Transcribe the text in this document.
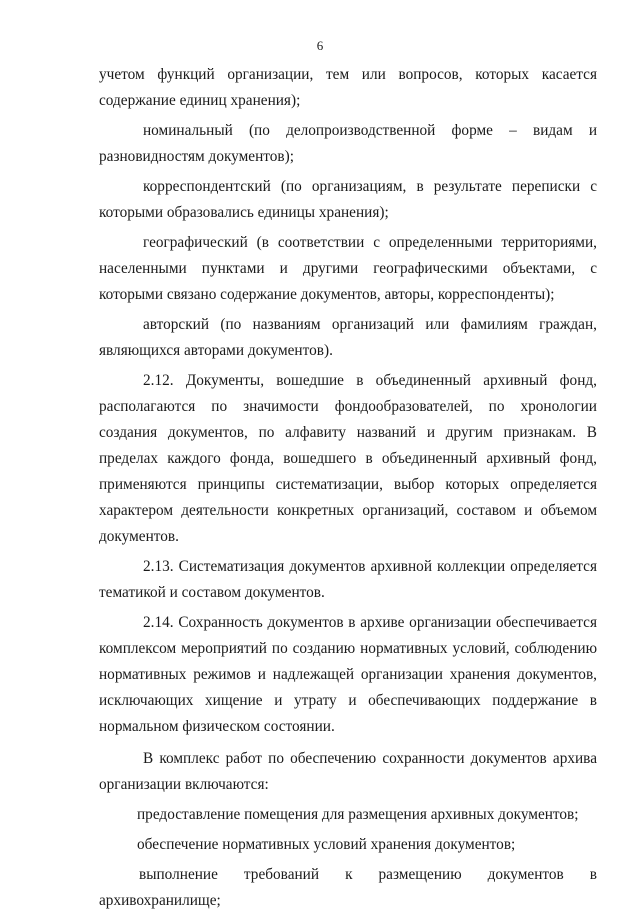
6

учетом функций организации, тем или вопросов, которых касается содержание единиц хранения);

номинальный (по делопроизводственной форме – видам и разновидностям документов);

корреспондентский (по организациям, в результате переписки с которыми образовались единицы хранения);

географический (в соответствии с определенными территориями, населенными пунктами и другими географическими объектами, с которыми связано содержание документов, авторы, корреспонденты);

авторский (по названиям организаций или фамилиям граждан, являющихся авторами документов).

2.12. Документы, вошедшие в объединенный архивный фонд, располагаются по значимости фондообразователей, по хронологии создания документов, по алфавиту названий и другим признакам. В пределах каждого фонда, вошедшего в объединенный архивный фонд, применяются принципы систематизации, выбор которых определяется характером деятельности конкретных организаций, составом и объемом документов.

2.13. Систематизация документов архивной коллекции определяется тематикой и составом документов.

2.14. Сохранность документов в архиве организации обеспечивается комплексом мероприятий по созданию нормативных условий, соблюдению нормативных режимов и надлежащей организации хранения документов, исключающих хищение и утрату и обеспечивающих поддержание в нормальном физическом состоянии.

В комплекс работ по обеспечению сохранности документов архива организации включаются:

предоставление помещения для размещения архивных документов;

обеспечение нормативных условий хранения документов;

выполнение требований к размещению документов в архивохранилище;
